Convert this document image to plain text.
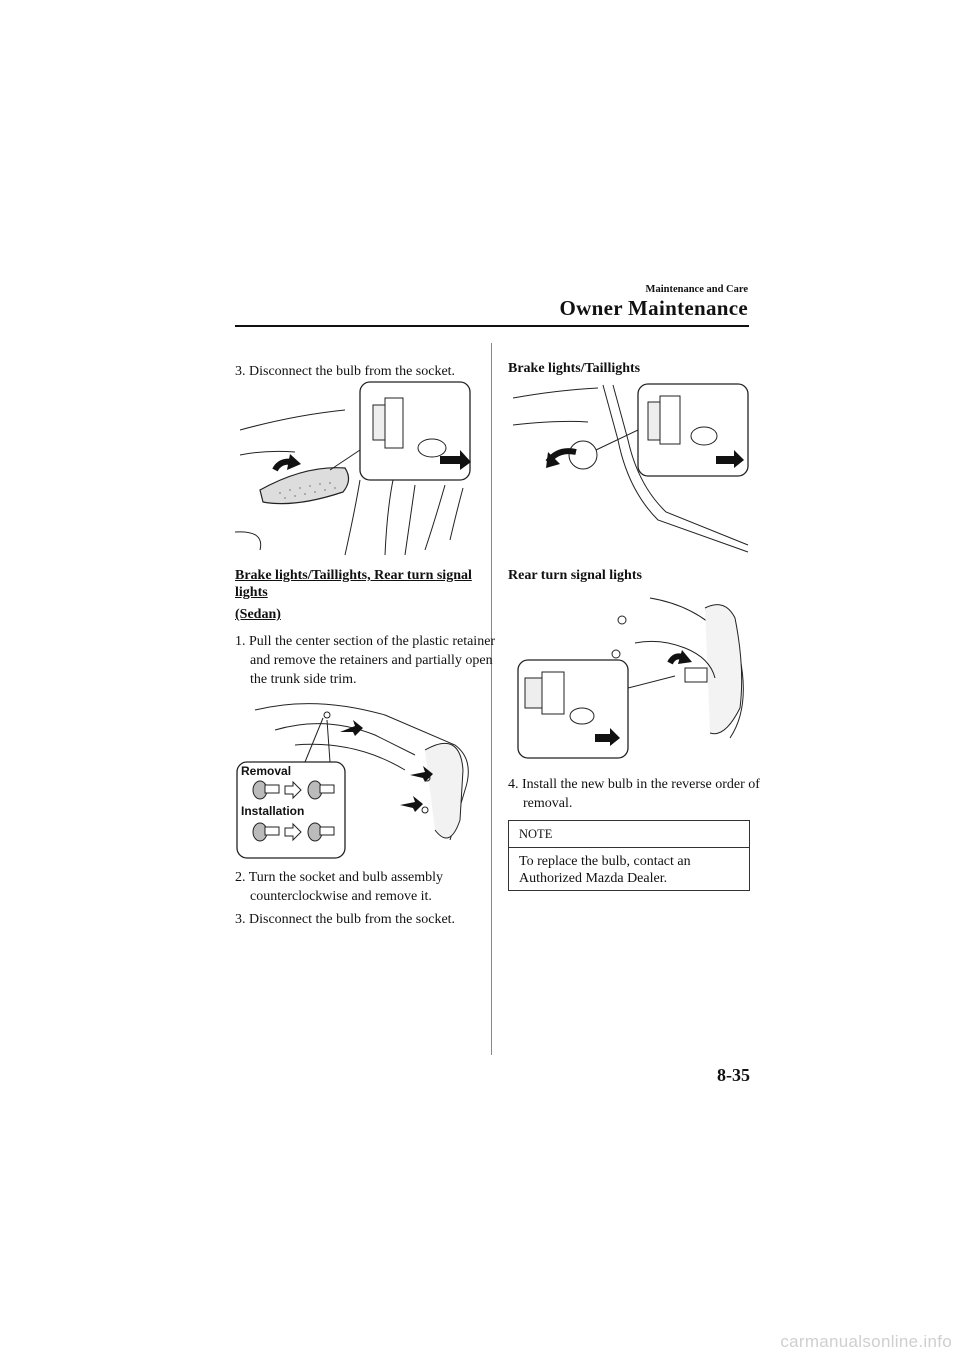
Maintenance and Care
Owner Maintenance
3. Disconnect the bulb from the socket.
Brake lights/Taillights, Rear turn signal lights
(Sedan)
1. Pull the center section of the plastic retainer and remove the retainers and partially open the trunk side trim.
Removal
Installation
2. Turn the socket and bulb assembly counterclockwise and remove it.
3. Disconnect the bulb from the socket.
Brake lights/Taillights
Rear turn signal lights
4. Install the new bulb in the reverse order of removal.
NOTE
To replace the bulb, contact an Authorized Mazda Dealer.
8-35
carmanualsonline.info
